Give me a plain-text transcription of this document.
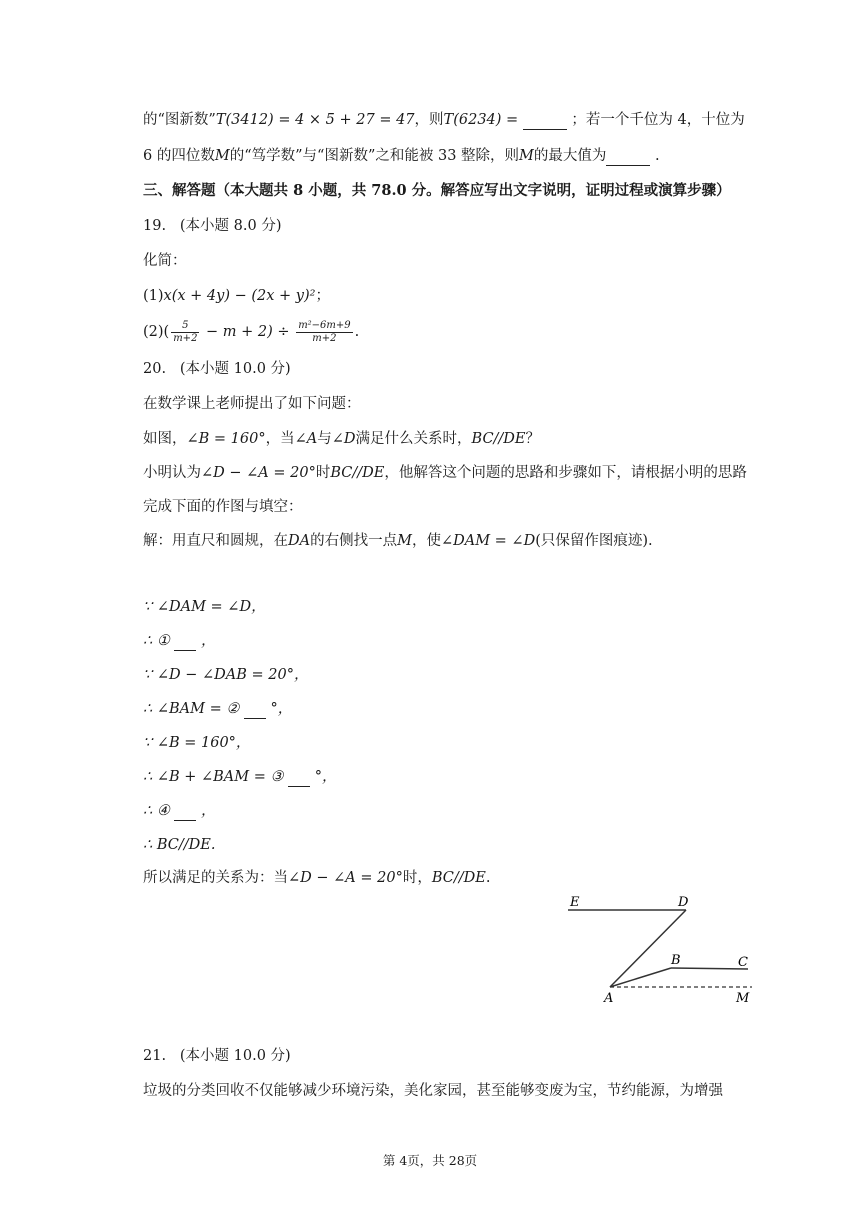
的“图新数”T(3412) = 4 × 5 + 27 = 47，则T(6234) =	；若一个千位为 4，十位为
6 的四位数M的“笃学数”与“图新数”之和能被 33 整除，则M的最大值为	.
三、解答题（本大题共 8 小题，共 78.0 分。解答应写出文字说明，证明过程或演算步骤）
19. (本小题 8.0 分)
化简：
(1)x(x + 4y) − (2x + y)²；
$(2)( \frac{5}{m+2} - m + 2) \div \frac{\text{m²−6m+9}}{m+2}$ .
20. (本小题 10.0 分)
在数学课上老师提出了如下问题：
如图，∠B = 160°，当∠A与∠D满足什么关系时，BC//DE？
小明认为∠D − ∠A = 20°时BC//DE，他解答这个问题的思路和步骤如下，请根据小明的思路
完成下面的作图与填空：
解：用直尺和圆规，在DA的右侧找一点M，使∠DAM = ∠D(只保留作图痕迹).
∵ ∠DAM = ∠D，
∴ ①  ，
∵ ∠D − ∠DAB = 20°，
∴ ∠BAM = ②  °，
∵ ∠B = 160°，
∴ ∠B + ∠BAM = ③  °，
∴ ④  ，
∴ BC//DE.
所以满足的关系为：当∠D − ∠A = 20°时，BC//DE.
E	D
B	C
A	M
21. (本小题 10.0 分)
垃圾的分类回收不仅能够减少环境污染，美化家园，甚至能够变废为宝，节约能源，为增强
第 4页，共 28页
